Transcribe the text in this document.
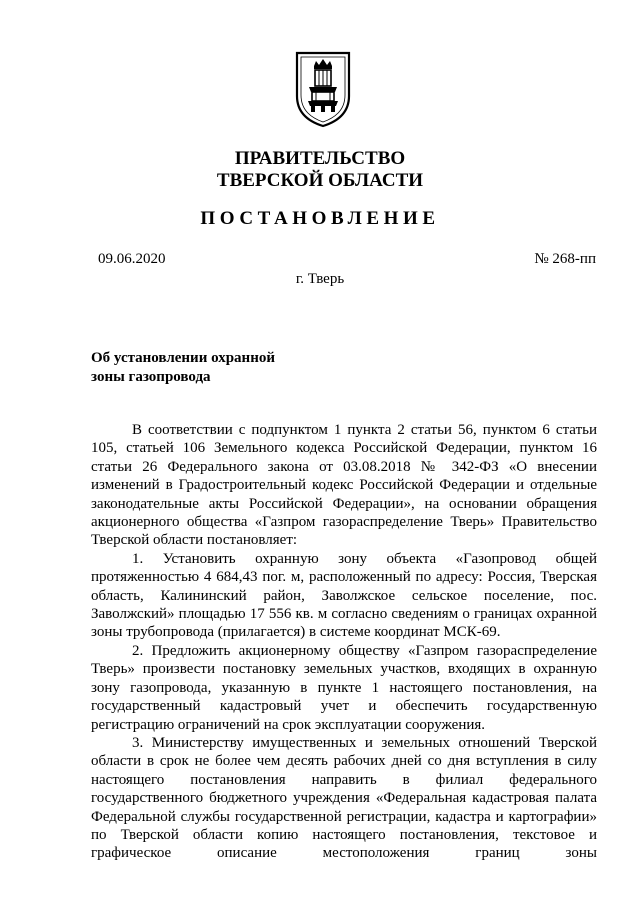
ПРАВИТЕЛЬСТВО
ТВЕРСКОЙ ОБЛАСТИ
ПОСТАНОВЛЕНИЕ
09.06.2020	№ 268-пп
г. Тверь
Об установлении охранной
зоны газопровода

В соответствии с подпунктом 1 пункта 2 статьи 56, пунктом 6 статьи 105, статьей 106 Земельного кодекса Российской Федерации, пунктом 16 статьи 26 Федерального закона от 03.08.2018 № 342-ФЗ «О внесении изменений в Градостроительный кодекс Российской Федерации и отдельные законодательные акты Российской Федерации», на основании обращения акционерного общества «Газпром газораспределение Тверь» Правительство Тверской области постановляет:

1. Установить охранную зону объекта «Газопровод общей протяженностью 4 684,43 пог. м, расположенный по адресу: Россия, Тверская область, Калининский район, Заволжское сельское поселение, пос. Заволжский» площадью 17 556 кв. м согласно сведениям о границах охранной зоны трубопровода (прилагается) в системе координат МСК-69.

2. Предложить акционерному обществу «Газпром газораспределение Тверь» произвести постановку земельных участков, входящих в охранную зону газопровода, указанную в пункте 1 настоящего постановления, на государственный кадастровый учет и обеспечить государственную регистрацию ограничений на срок эксплуатации сооружения.

3. Министерству имущественных и земельных отношений Тверской области в срок не более чем десять рабочих дней со дня вступления в силу настоящего постановления направить в филиал федерального государственного бюджетного учреждения «Федеральная кадастровая палата Федеральной службы государственной регистрации, кадастра и картографии» по Тверской области копию настоящего постановления, текстовое и графическое описание местоположения границ зоны
